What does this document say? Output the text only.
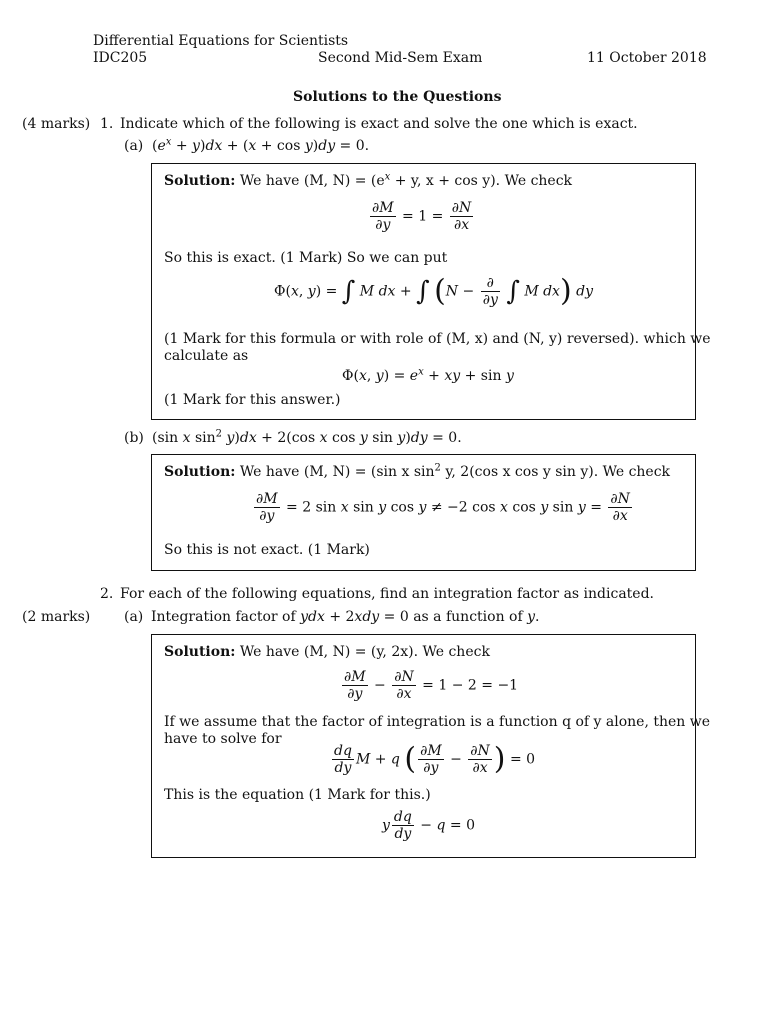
Differential Equations for Scientists
IDC205	Second Mid-Sem Exam	11 October 2018
Solutions to the Questions
(4 marks) 1. Indicate which of the following is exact and solve the one which is exact.
(a) $(e^x + y)dx + (x + \cos y)dy = 0$.
Solution: We have (M, $N) = (e^x + y$, x + cos y). We check
$\frac{\partial M}{\partial y} = 1 = \frac{\partial N}{\partial x}$
So this is exact. (1 Mark) So we can put
Φ(x, y) = ∫ M dx + ∫ ($N - \frac{\partial}{\partial y}$ ∫ M dx) dy
(1 Mark for this formula or with role of (M, x) and (N, y) reversed). which we
calculate as
Φ(x, $y) = e^x$ + xy + sin y
(1 Mark for this answer.)
(b) (sin x $\sin^2 y)dx + 2(\cos$ x cos y sin y)dy = 0.
Solution: We have (M, N) = (sin x $\sin^2 y$, 2(cos x cos y sin y). We check
$\frac{\partial M}{\partial y} = 2$ sin x sin y cos y ≠ −2 cos x cos y $\sin y = \frac{\partial N}{\partial x}$
So this is not exact. (1 Mark)
2. For each of the following equations, find an integration factor as indicated.
(2 marks) (a) Integration factor of ydx + 2xdy = 0 as a function of y.
Solution: We have (M, N) = (y, 2x). We check
$\frac{\partial M}{\partial y} - \frac{\partial N}{\partial x} = 1 - 2 = -1$
If we assume that the factor of integration is a function q of y alone, then we
have to solve for
$\frac{dq}{dy}$ M + q ( $\frac{\partial M}{\partial y} - \frac{\partial N}{\partial x}$ ) = 0
This is the equation (1 Mark for this.)
y $\frac{dq}{dy} - q = 0$
